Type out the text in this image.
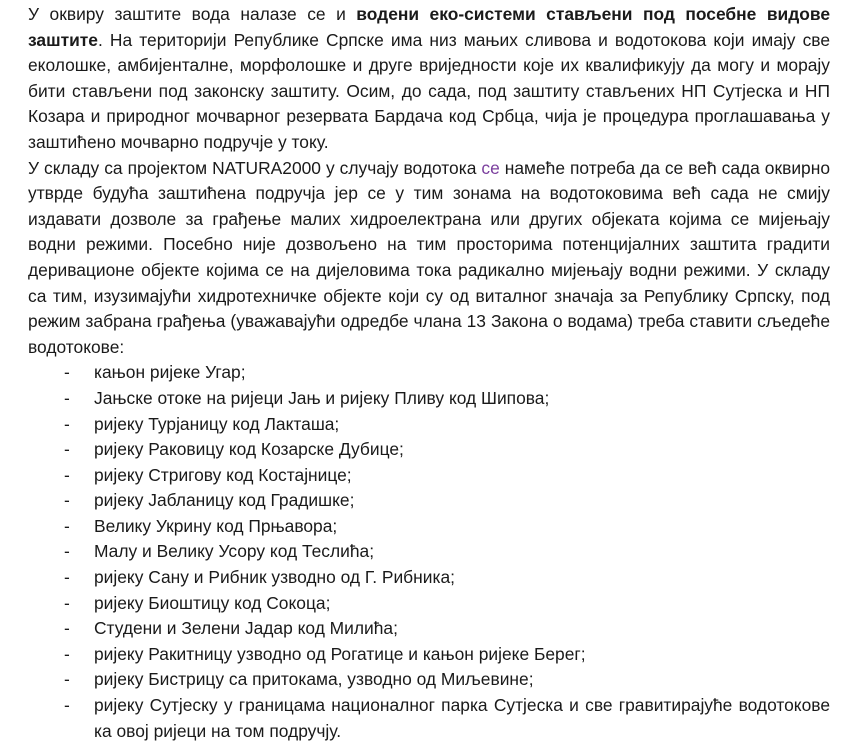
У оквиру заштите вода налазе се и водени еко-системи стављени под посебне видове заштите. На територији Републике Српске има низ мањих сливова и водотокова који имају све еколошке, амбијенталне, морфолошке и друге вриједности које их квалификују да могу и морају бити стављени под законску заштиту. Осим, до сада, под заштиту стављених НП Сутјеска и НП Козара и природног мочварног резервата Бардача код Србца, чија је процедура проглашавања у заштићено мочварно подручје у току.

У складу са пројектом NATURA2000 у случају водотока се намеће потреба да се већ сада оквирно утврде будућа заштићена подручја јер се у тим зонама на водотоковима већ сада не смију издавати дозволе за грађење малих хидроелектрана или других објеката којима се мијењају водни режими. Посебно није дозвољено на тим просторима потенцијалних заштита градити деривационе објекте којима се на дијеловима тока радикално мијењају водни режими. У складу са тим, изузимајући хидротехничке објекте који су од виталног значаја за Републику Српску, под режим забрана грађења (уважавајући одредбе члана 13 Закона о водама) треба ставити сљедеће водотокове:

- кањон ријеке Угар;
- Јањске отоке на ријеци Јањ и ријеку Пливу код Шипова;
- ријеку Турјаницу код Лакташа;
- ријеку Раковицу код Козарске Дубице;
- ријеку Стригову код Костајнице;
- ријеку Јабланицу код Градишке;
- Велику Укрину код Прњавора;
- Малу и Велику Усору код Теслића;
- ријеку Сану и Рибник узводно од Г. Рибника;
- ријеку Биоштицу код Сокоца;
- Студени и Зелени Јадар код Милића;
- ријеку Ракитницу узводно од Рогатице и кањон ријеке Берег;
- ријеку Бистрицу са притокама, узводно од Миљевине;
- ријеку Сутјеску у границама националног парка Сутјеска и све гравитирајуће водотокове ка овој ријеци на том подручју.
